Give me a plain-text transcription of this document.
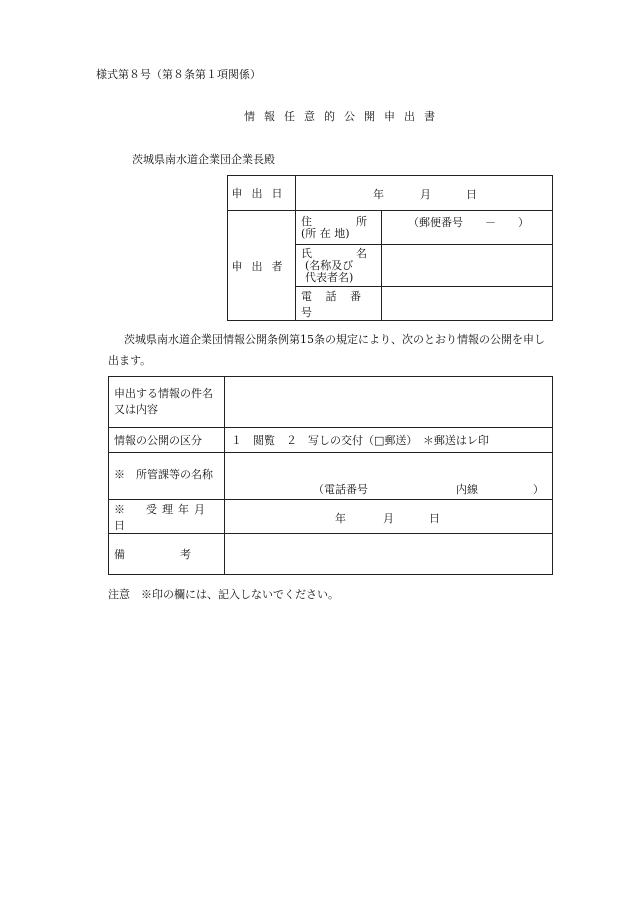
様式第８号（第８条第１項関係）
情報任意的公開申出書
茨城県南水道企業団企業長殿
申出日	年 月 日	

申出者	住　　　　所
(所 在 地)	（郵便番号　　－　　）

	氏　　　　名
(名称及び
代表者名)	

	電 話 番 号	
茨城県南水道企業団情報公開条例第15条の規定により、次のとおり情報の公開を申し
出ます。
申出する情報の件名
又は内容	

情報の公開の区分	１　閲覧　２　写しの交付（□郵送）　＊郵送はレ印
※　所管課等の名称	（電話番号　　　　　　　　内線　　　　　）

※　受理年月日	年 月 日

備　　　　　考	
注意　※印の欄には、記入しないでください。
